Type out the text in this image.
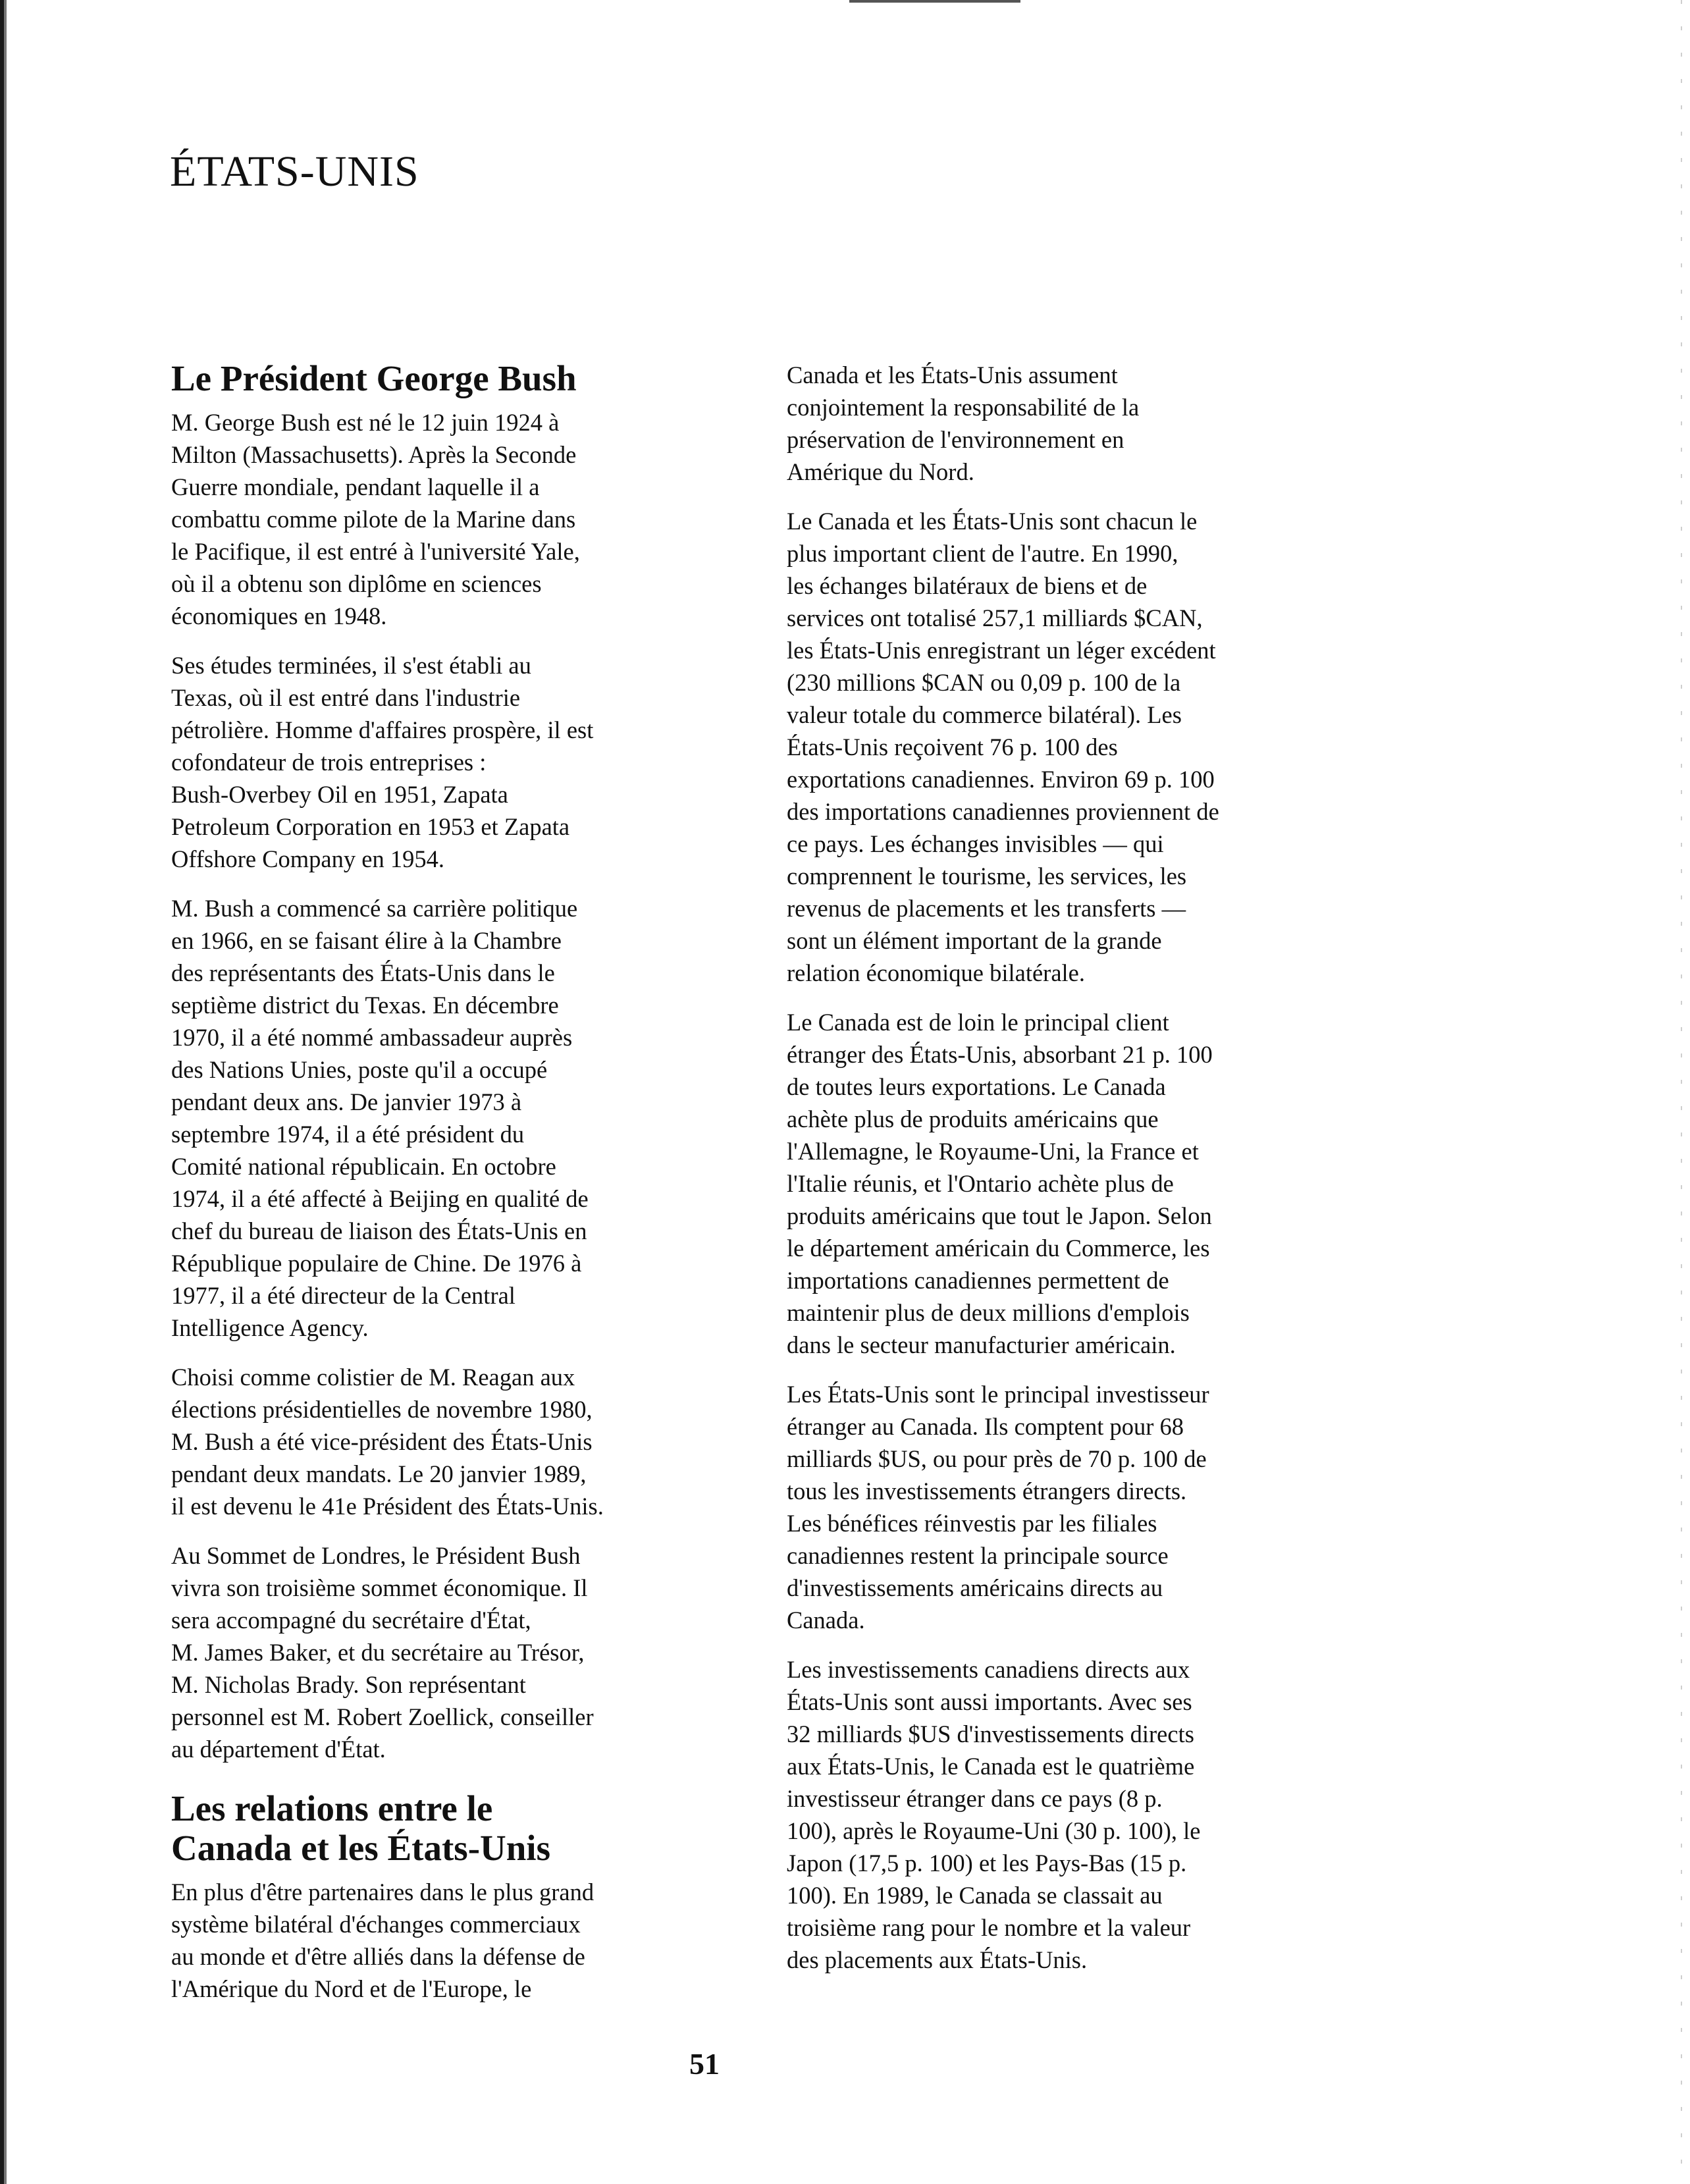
ÉTATS-UNIS
Le Président George Bush

M. George Bush est né le 12 juin 1924 à
Milton (Massachusetts). Après la Seconde
Guerre mondiale, pendant laquelle il a
combattu comme pilote de la Marine dans
le Pacifique, il est entré à l'université Yale,
où il a obtenu son diplôme en sciences
économiques en 1948.

Ses études terminées, il s'est établi au
Texas, où il est entré dans l'industrie
pétrolière. Homme d'affaires prospère, il est
cofondateur de trois entreprises :
Bush-Overbey Oil en 1951, Zapata
Petroleum Corporation en 1953 et Zapata
Offshore Company en 1954.

M. Bush a commencé sa carrière politique
en 1966, en se faisant élire à la Chambre
des représentants des États-Unis dans le
septième district du Texas. En décembre
1970, il a été nommé ambassadeur auprès
des Nations Unies, poste qu'il a occupé
pendant deux ans. De janvier 1973 à
septembre 1974, il a été président du
Comité national républicain. En octobre
1974, il a été affecté à Beijing en qualité de
chef du bureau de liaison des États-Unis en
République populaire de Chine. De 1976 à
1977, il a été directeur de la Central
Intelligence Agency.

Choisi comme colistier de M. Reagan aux
élections présidentielles de novembre 1980,
M. Bush a été vice-président des États-Unis
pendant deux mandats. Le 20 janvier 1989,
il est devenu le 41e Président des États-Unis.

Au Sommet de Londres, le Président Bush
vivra son troisième sommet économique. Il
sera accompagné du secrétaire d'État,
M. James Baker, et du secrétaire au Trésor,
M. Nicholas Brady. Son représentant
personnel est M. Robert Zoellick, conseiller
au département d'État.

Les relations entre le
Canada et les États-Unis

En plus d'être partenaires dans le plus grand
système bilatéral d'échanges commerciaux
au monde et d'être alliés dans la défense de
l'Amérique du Nord et de l'Europe, le

Canada et les États-Unis assument
conjointement la responsabilité de la
préservation de l'environnement en
Amérique du Nord.

Le Canada et les États-Unis sont chacun le
plus important client de l'autre. En 1990,
les échanges bilatéraux de biens et de
services ont totalisé 257,1 milliards $CAN,
les États-Unis enregistrant un léger excédent
(230 millions $CAN ou 0,09 p. 100 de la
valeur totale du commerce bilatéral). Les
États-Unis reçoivent 76 p. 100 des
exportations canadiennes. Environ 69 p. 100
des importations canadiennes proviennent de
ce pays. Les échanges invisibles — qui
comprennent le tourisme, les services, les
revenus de placements et les transferts —
sont un élément important de la grande
relation économique bilatérale.

Le Canada est de loin le principal client
étranger des États-Unis, absorbant 21 p. 100
de toutes leurs exportations. Le Canada
achète plus de produits américains que
l'Allemagne, le Royaume-Uni, la France et
l'Italie réunis, et l'Ontario achète plus de
produits américains que tout le Japon. Selon
le département américain du Commerce, les
importations canadiennes permettent de
maintenir plus de deux millions d'emplois
dans le secteur manufacturier américain.

Les États-Unis sont le principal investisseur
étranger au Canada. Ils comptent pour 68
milliards $US, ou pour près de 70 p. 100 de
tous les investissements étrangers directs.
Les bénéfices réinvestis par les filiales
canadiennes restent la principale source
d'investissements américains directs au
Canada.

Les investissements canadiens directs aux
États-Unis sont aussi importants. Avec ses
32 milliards $US d'investissements directs
aux États-Unis, le Canada est le quatrième
investisseur étranger dans ce pays (8 p.
100), après le Royaume-Uni (30 p. 100), le
Japon (17,5 p. 100) et les Pays-Bas (15 p.
100). En 1989, le Canada se classait au
troisième rang pour le nombre et la valeur
des placements aux États-Unis.

51
